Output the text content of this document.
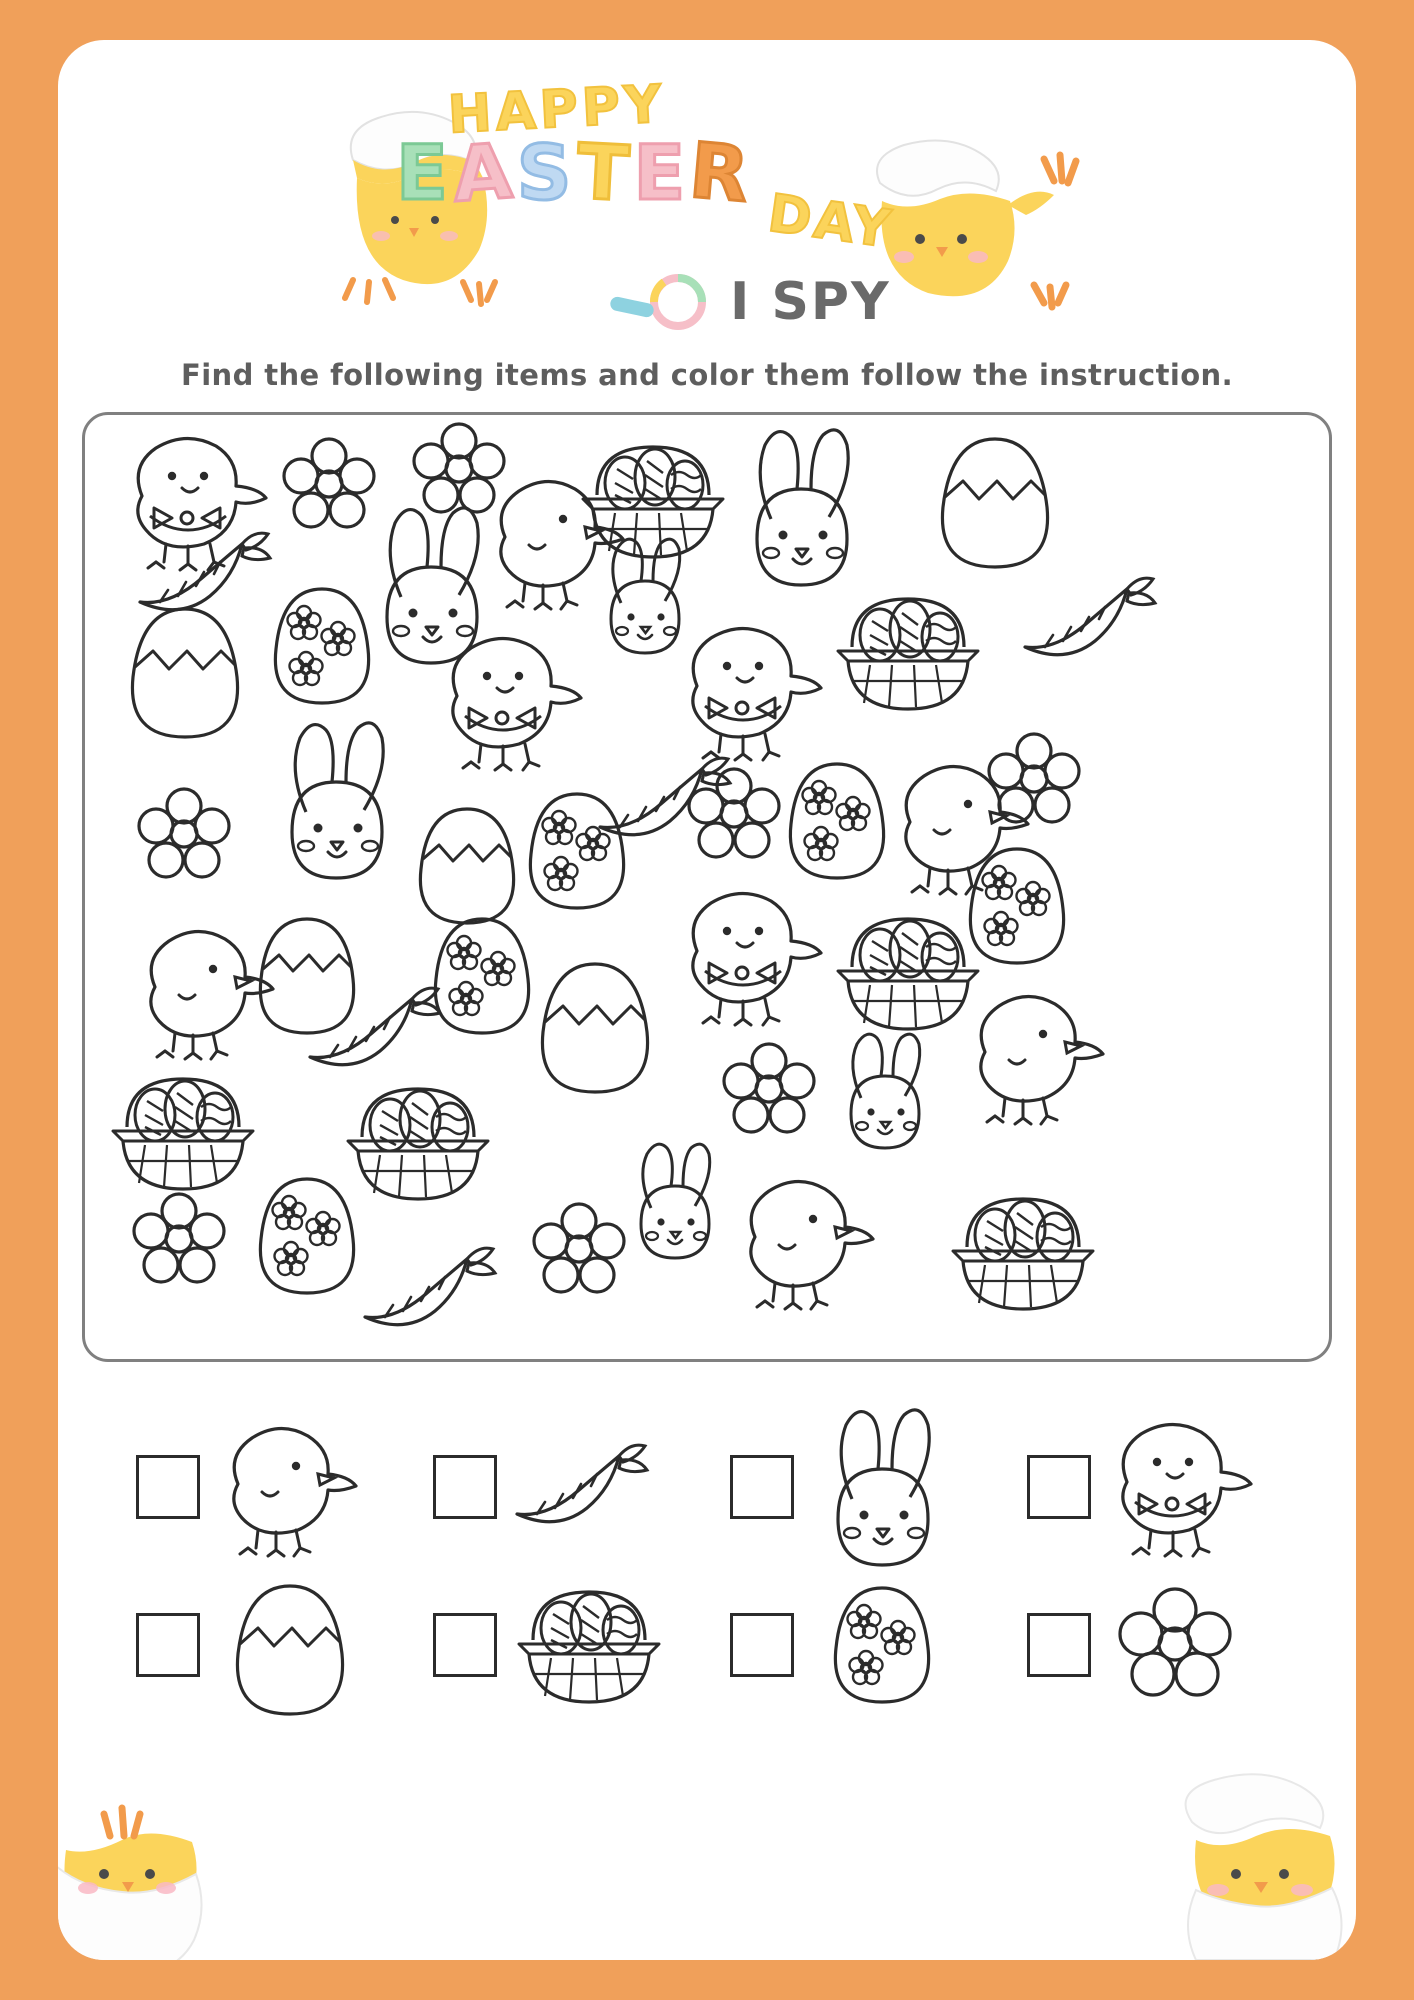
HAPPY
EASTER
DAY
I SPY
Find the following items and color them follow the instruction.
